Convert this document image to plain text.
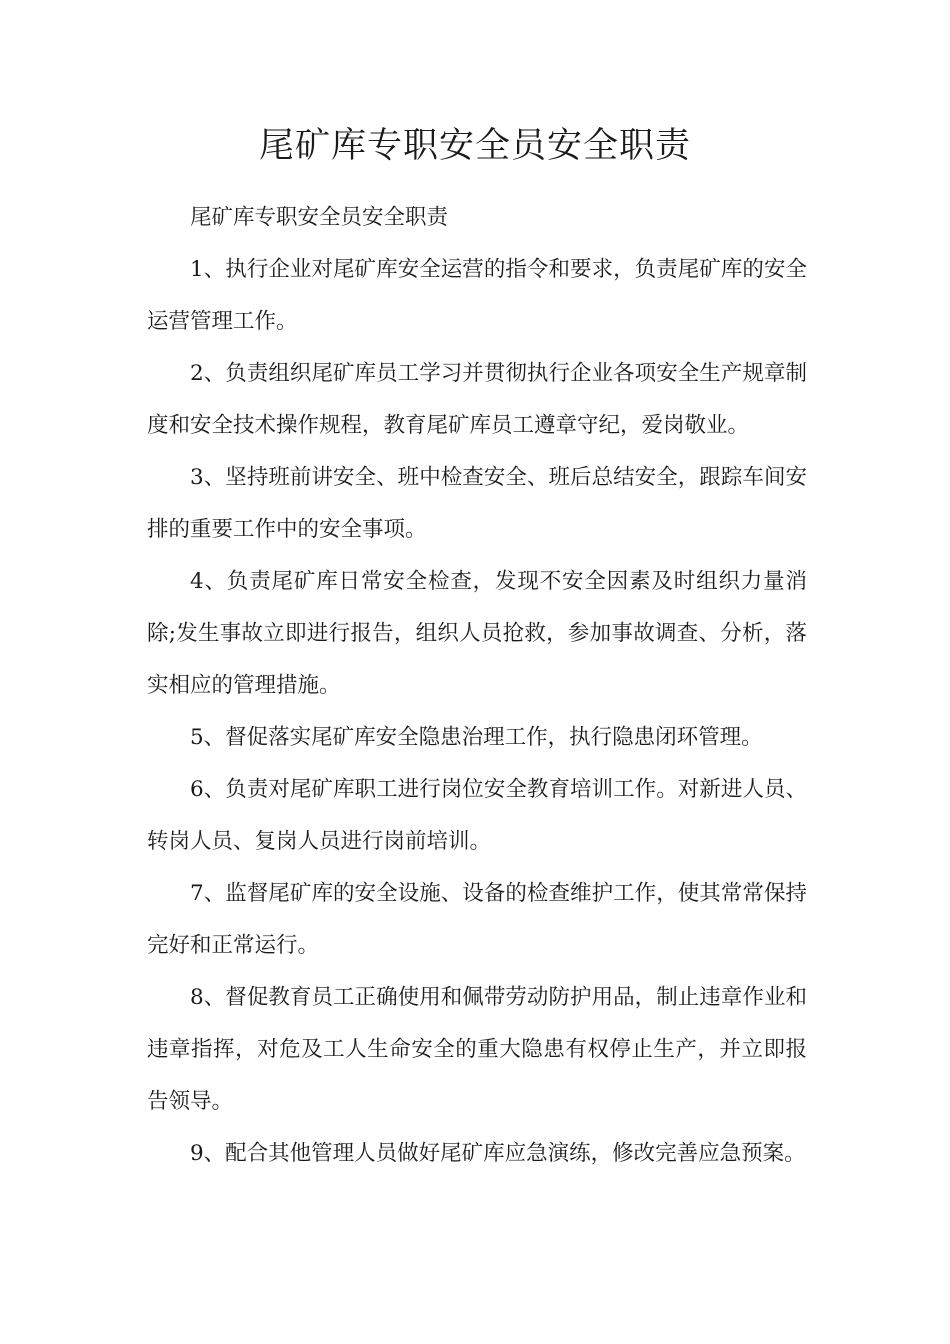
尾矿库专职安全员安全职责

尾矿库专职安全员安全职责

1、执行企业对尾矿库安全运营的指令和要求，负责尾矿库的安全运营管理工作。

2、负责组织尾矿库员工学习并贯彻执行企业各项安全生产规章制度和安全技术操作规程，教育尾矿库员工遵章守纪，爱岗敬业。

3、坚持班前讲安全、班中检查安全、班后总结安全，跟踪车间安排的重要工作中的安全事项。

4、负责尾矿库日常安全检查，发现不安全因素及时组织力量消除;发生事故立即进行报告，组织人员抢救，参加事故调查、分析，落实相应的管理措施。

5、督促落实尾矿库安全隐患治理工作，执行隐患闭环管理。

6、负责对尾矿库职工进行岗位安全教育培训工作。对新进人员、转岗人员、复岗人员进行岗前培训。

7、监督尾矿库的安全设施、设备的检查维护工作，使其常常保持完好和正常运行。

8、督促教育员工正确使用和佩带劳动防护用品，制止违章作业和违章指挥，对危及工人生命安全的重大隐患有权停止生产，并立即报告领导。

9、配合其他管理人员做好尾矿库应急演练，修改完善应急预案。
